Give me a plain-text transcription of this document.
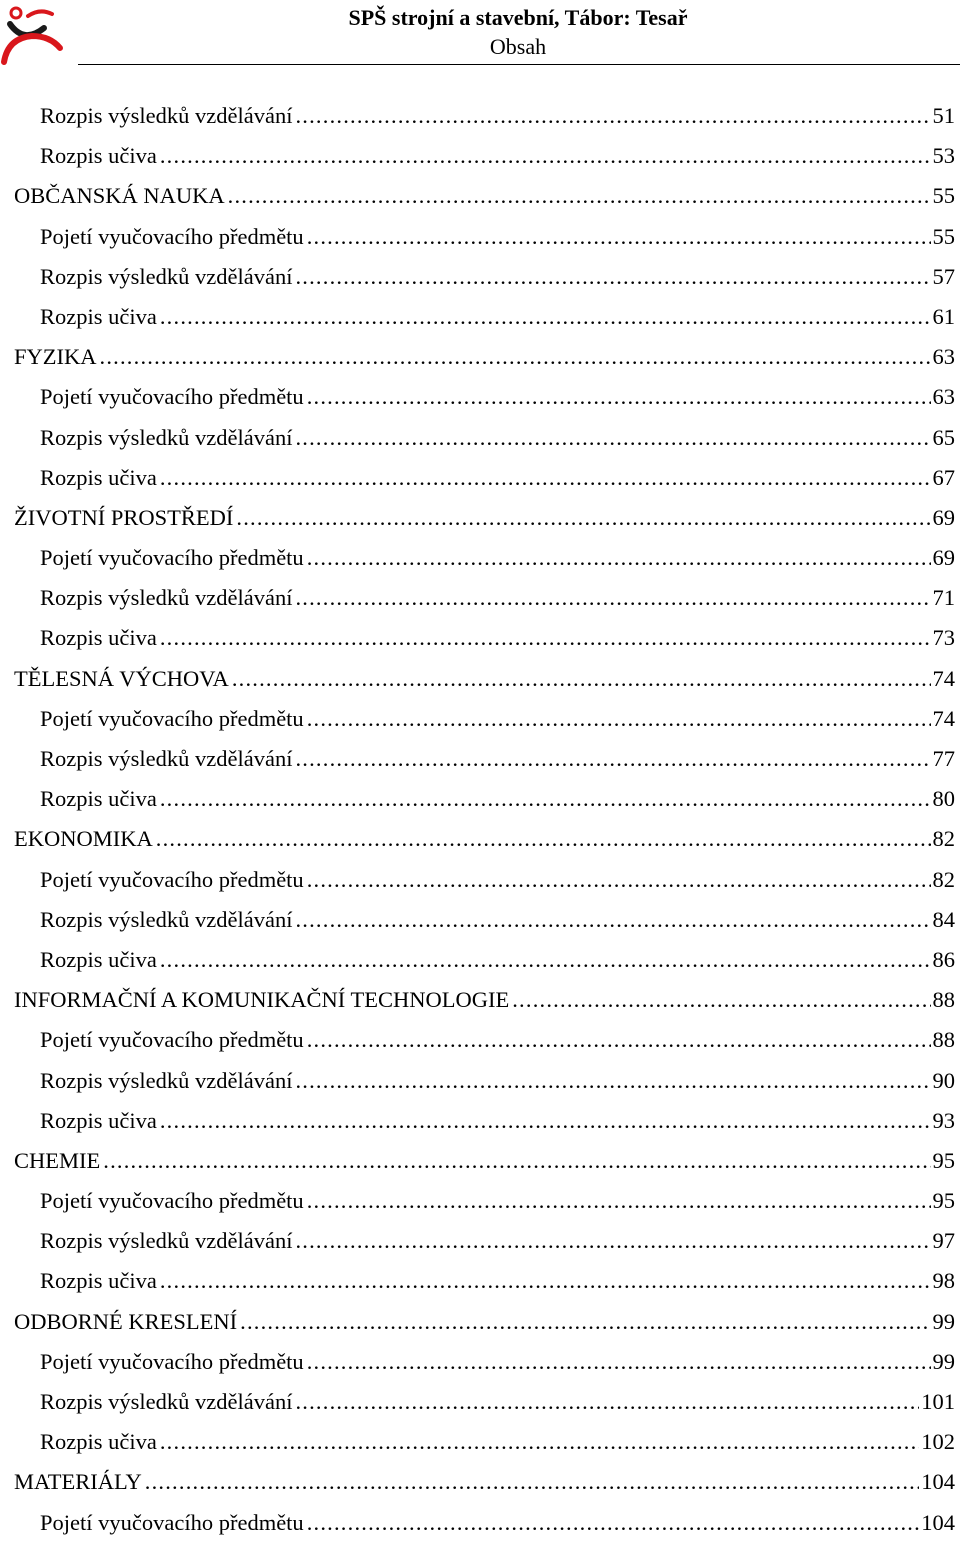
SPŠ strojní a stavební, Tábor: Tesař
Obsah
Rozpis výsledků vzdělávání .....	51
Rozpis učiva .....	53
OBČANSKÁ NAUKA .....	55
Pojetí vyučovacího předmětu .....	55
Rozpis výsledků vzdělávání .....	57
Rozpis učiva .....	61
FYZIKA .....	63
Pojetí vyučovacího předmětu .....	63
Rozpis výsledků vzdělávání .....	65
Rozpis učiva .....	67
ŽIVOTNÍ PROSTŘEDÍ .....	69
Pojetí vyučovacího předmětu .....	69
Rozpis výsledků vzdělávání .....	71
Rozpis učiva .....	73
TĚLESNÁ VÝCHOVA .....	74
Pojetí vyučovacího předmětu .....	74
Rozpis výsledků vzdělávání .....	77
Rozpis učiva .....	80
EKONOMIKA .....	82
Pojetí vyučovacího předmětu .....	82
Rozpis výsledků vzdělávání .....	84
Rozpis učiva .....	86
INFORMAČNÍ A KOMUNIKAČNÍ TECHNOLOGIE .....	88
Pojetí vyučovacího předmětu .....	88
Rozpis výsledků vzdělávání .....	90
Rozpis učiva .....	93
CHEMIE .....	95
Pojetí vyučovacího předmětu .....	95
Rozpis výsledků vzdělávání .....	97
Rozpis učiva .....	98
ODBORNÉ KRESLENÍ .....	99
Pojetí vyučovacího předmětu .....	99
Rozpis výsledků vzdělávání .....	101
Rozpis učiva .....	102
MATERIÁLY .....	104
Pojetí vyučovacího předmětu .....	104
